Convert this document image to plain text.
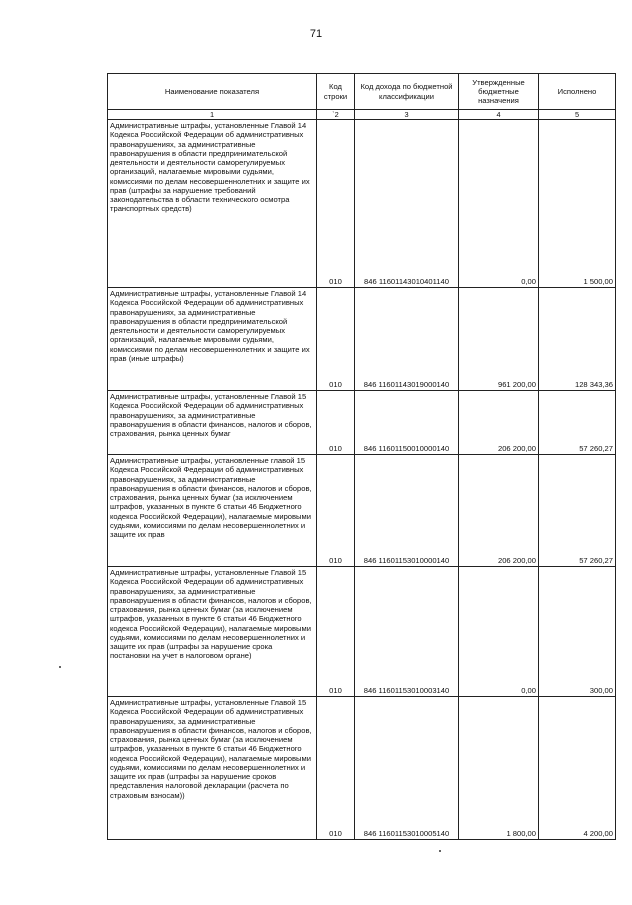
71
Наименование показателя	Код строки	Код дохода по бюджетной классификации	Утвержденные бюджетные назначения	Исполнено
1	`2	3	4	5
Административные штрафы, установленные Главой 14 Кодекса Российской Федерации об административных правонарушениях, за административные правонарушения в области предпринимательской деятельности и деятельности саморегулируемых организаций, налагаемые мировыми судьями, комиссиями по делам несовершеннолетних и защите их прав (штрафы за нарушение требований законодательства в области технического осмотра транспортных средств)	010	846 11601143010401140	0,00	1 500,00
Административные штрафы, установленные Главой 14 Кодекса Российской Федерации об административных правонарушениях, за административные правонарушения в области предпринимательской деятельности и деятельности саморегулируемых организаций, налагаемые мировыми судьями, комиссиями по делам несовершеннолетних и защите их прав (иные штрафы)	010	846 11601143019000140	961 200,00	128 343,36
Административные штрафы, установленные Главой 15 Кодекса Российской Федерации об административных правонарушениях, за административные правонарушения в области финансов, налогов и сборов, страхования, рынка ценных бумаг	010	846 11601150010000140	206 200,00	57 260,27
Административные штрафы, установленные главой 15 Кодекса Российской Федерации об административных правонарушениях, за административные правонарушения в области финансов, налогов и сборов, страхования, рынка ценных бумаг (за исключением штрафов, указанных в пункте 6 статьи 46 Бюджетного кодекса Российской Федерации), налагаемые мировыми судьями, комиссиями по делам несовершеннолетних и защите их прав	010	846 11601153010000140	206 200,00	57 260,27
Административные штрафы, установленные Главой 15 Кодекса Российской Федерации об административных правонарушениях, за административные правонарушения в области финансов, налогов и сборов, страхования, рынка ценных бумаг (за исключением штрафов, указанных в пункте 6 статьи 46 Бюджетного кодекса Российской Федерации), налагаемые мировыми судьями, комиссиями по делам несовершеннолетних и защите их прав (штрафы за нарушение срока постановки на учет в налоговом органе)	010	846 11601153010003140	0,00	300,00
Административные штрафы, установленные Главой 15 Кодекса Российской Федерации об административных правонарушениях, за административные правонарушения в области финансов, налогов и сборов, страхования, рынка ценных бумаг (за исключением штрафов, указанных в пункте 6 статьи 46 Бюджетного кодекса Российской Федерации), налагаемые мировыми судьями, комиссиями по делам несовершеннолетних и защите их прав (штрафы за нарушение сроков представления налоговой декларации (расчета по страховым взносам))	010	846 11601153010005140	1 800,00	4 200,00
